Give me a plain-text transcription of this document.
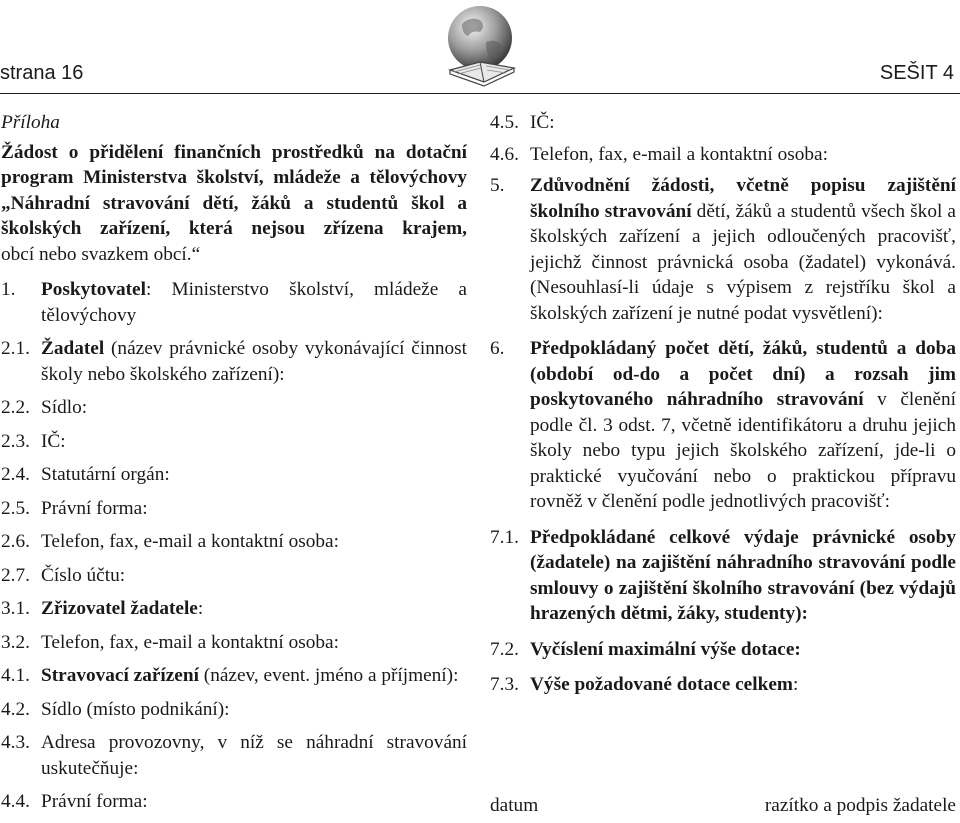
strana 16	SEŠIT 4

Příloha

Žádost o přidělení finančních prostředků na dotační program Ministerstva školství, mládeže a tělovýchovy „Náhradní stravování dětí, žáků a studentů škol a školských zařízení, která nejsou zřízena krajem,

obcí nebo svazkem obcí.“

1.	Poskytovatel: Ministerstvo školství, mládeže a tělovýchovy
2.1. Žadatel (název právnické osoby vykonávající činnost školy nebo školského zařízení):
2.2. Sídlo:
2.3. IČ:
2.4. Statutární orgán:
2.5. Právní forma:
2.6. Telefon, fax, e-mail a kontaktní osoba:
2.7. Číslo účtu:
3.1. Zřizovatel žadatele:
3.2. Telefon, fax, e-mail a kontaktní osoba:
4.1. Stravovací zařízení (název, event. jméno a příjmení):
4.2. Sídlo (místo podnikání):
4.3. Adresa provozovny, v níž se náhradní stravování uskutečňuje:
4.4. Právní forma:
4.5. IČ:
4.6. Telefon, fax, e-mail a kontaktní osoba:
5.	Zdůvodnění žádosti, včetně popisu zajištění školního stravování dětí, žáků a studentů všech škol a školských zařízení a jejich odloučených pracovišť, jejichž činnost právnická osoba (žadatel) vykonává. (Nesouhlasí-li údaje s výpisem z rejstříku škol a školských zařízení je nutné podat vysvětlení):
6.	Předpokládaný počet dětí, žáků, studentů a doba (období od-do a počet dní) a rozsah jim poskytovaného náhradního stravování v členění podle čl. 3 odst. 7, včetně identifikátoru a druhu jejich školy nebo typu jejich školského zařízení, jde-li o praktické vyučování nebo o praktickou přípravu rovněž v členění podle jednotlivých pracovišť:
7.1. Předpokládané celkové výdaje právnické osoby (žadatele) na zajištění náhradního stravování podle smlouvy o zajištění školního stravování (bez výdajů hrazených dětmi, žáky, studenty):
7.2. Vyčíslení maximální výše dotace:
7.3. Výše požadované dotace celkem:
datum	razítko a podpis žadatele
